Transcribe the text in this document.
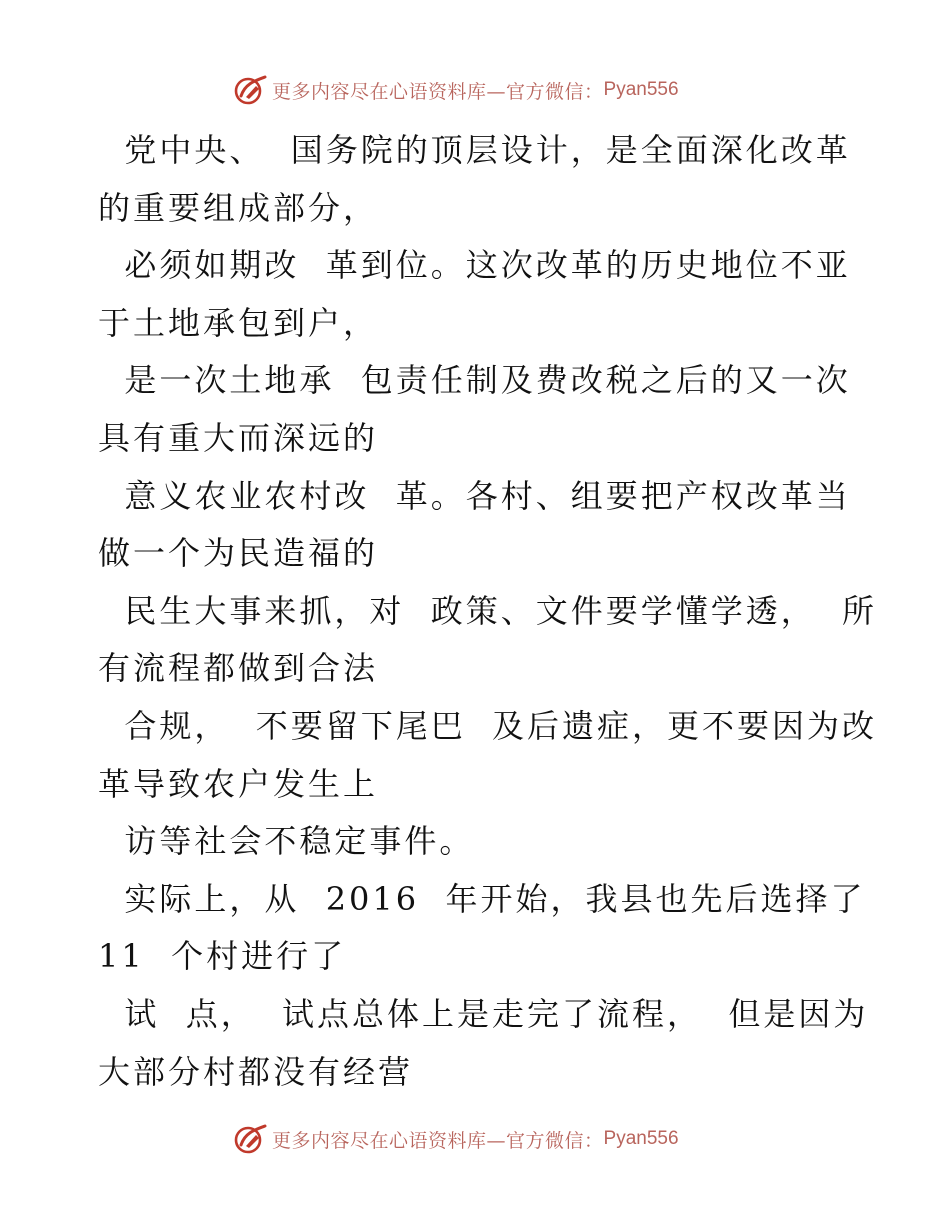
更多内容尽在心语资料库—官方微信： Pyan556
党中央、  国务院的顶层设计，是全面深化改革
的重要组成部分，
必须如期改  革到位。这次改革的历史地位不亚
于土地承包到户，
是一次土地承  包责任制及费改税之后的又一次
具有重大而深远的
意义农业农村改  革。各村、组要把产权改革当
做一个为民造福的
民生大事来抓，对  政策、文件要学懂学透，  所
有流程都做到合法
合规，  不要留下尾巴  及后遗症，更不要因为改
革导致农户发生上
访等社会不稳定事件。
实际上，从  2016  年开始，我县也先后选择了
11  个村进行了
试  点，  试点总体上是走完了流程，  但是因为
大部分村都没有经营
更多内容尽在心语资料库—官方微信： Pyan556
